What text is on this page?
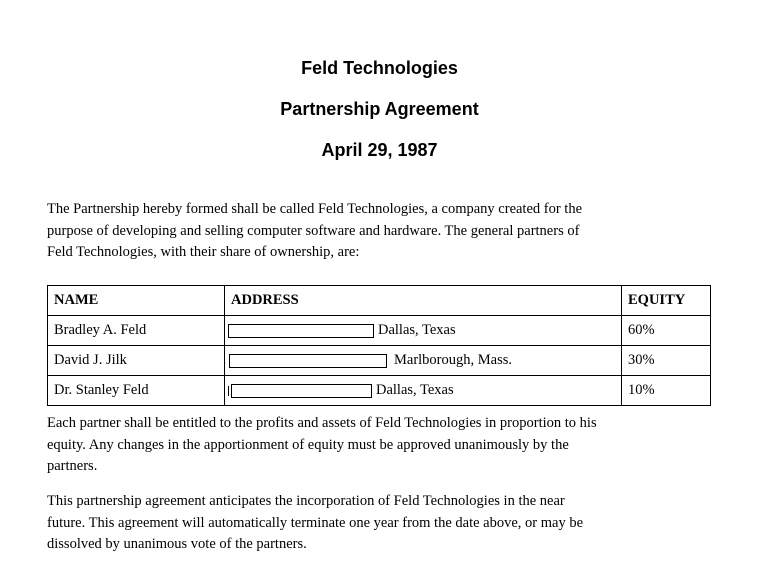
Feld Technologies
Partnership Agreement
April 29, 1987

The Partnership hereby formed shall be called Feld Technologies, a company created for the
purpose of developing and selling computer software and hardware. The general partners of
Feld Technologies, with their share of ownership, are:

NAME	ADDRESS	EQUITY
Bradley A. Feld	Dallas, Texas	60%
David J. Jilk	Marlborough, Mass.	30%
Dr. Stanley Feld	Dallas, Texas	10%

Each partner shall be entitled to the profits and assets of Feld Technologies in proportion to his
equity. Any changes in the apportionment of equity must be approved unanimously by the
partners.

This partnership agreement anticipates the incorporation of Feld Technologies in the near
future. This agreement will automatically terminate one year from the date above, or may be
dissolved by unanimous vote of the partners.
